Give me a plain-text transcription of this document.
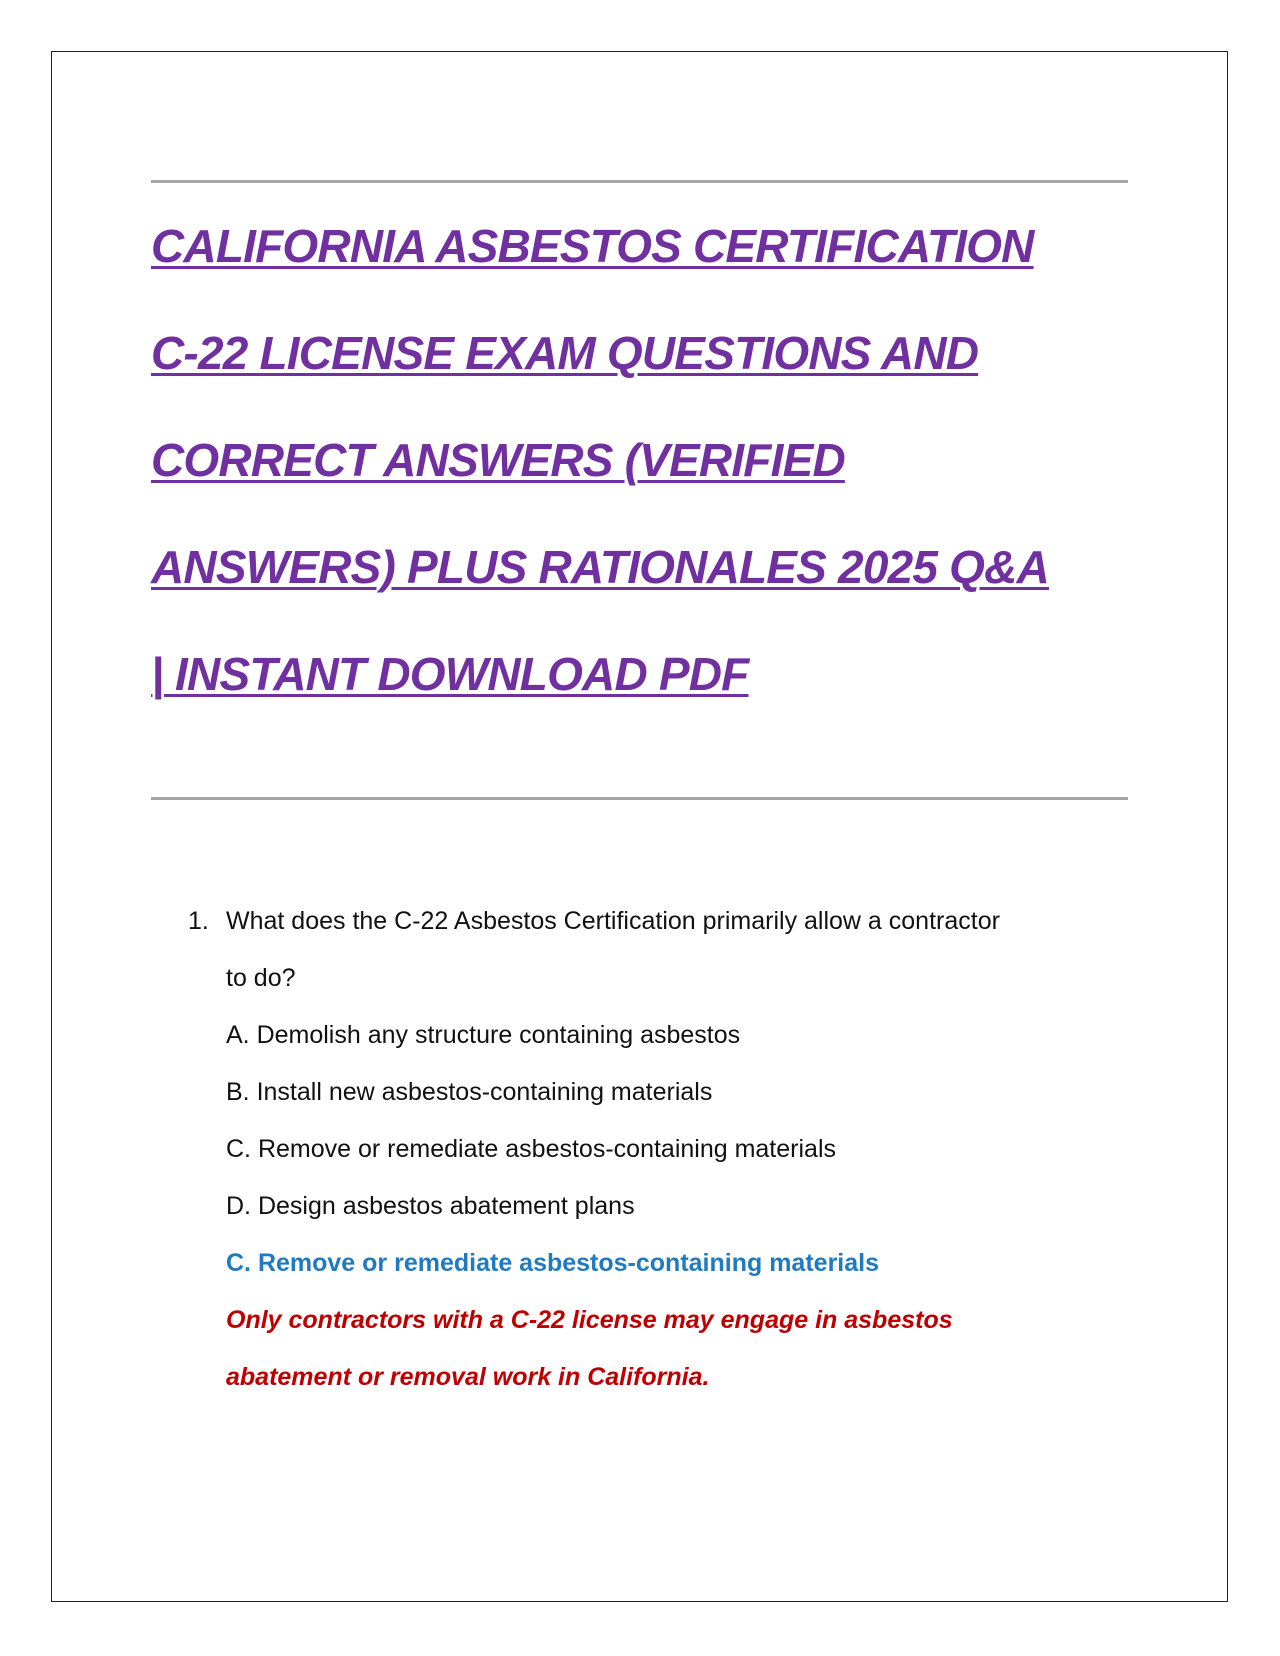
CALIFORNIA ASBESTOS CERTIFICATION
C-22 LICENSE EXAM QUESTIONS AND
CORRECT ANSWERS (VERIFIED
ANSWERS) PLUS RATIONALES 2025 Q&A
| INSTANT DOWNLOAD PDF
1. What does the C-22 Asbestos Certification primarily allow a contractor
to do?
A. Demolish any structure containing asbestos
B. Install new asbestos-containing materials
C. Remove or remediate asbestos-containing materials
D. Design asbestos abatement plans
C. Remove or remediate asbestos-containing materials
Only contractors with a C-22 license may engage in asbestos
abatement or removal work in California.
